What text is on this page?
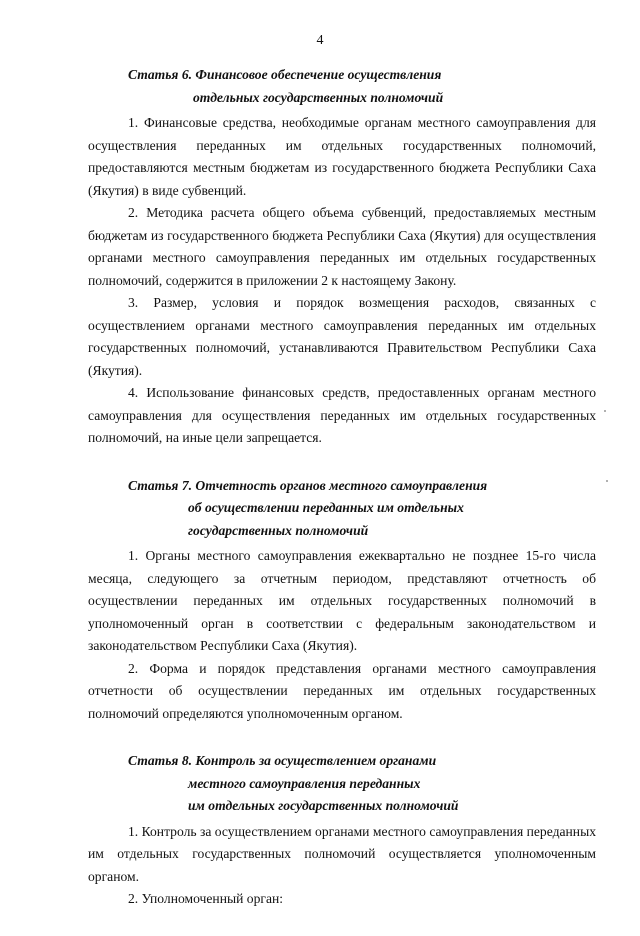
4
Статья 6. Финансовое обеспечение осуществления
отдельных государственных полномочий

1. Финансовые средства, необходимые органам местного самоуправления для осуществления переданных им отдельных государственных полномочий, предоставляются местным бюджетам из государственного бюджета Республики Саха (Якутия) в виде субвенций.

2. Методика расчета общего объема субвенций, предоставляемых местным бюджетам из государственного бюджета Республики Саха (Якутия) для осуществления органами местного самоуправления переданных им отдельных государственных полномочий, содержится в приложении 2 к настоящему Закону.

3. Размер, условия и порядок возмещения расходов, связанных с осуществлением органами местного самоуправления переданных им отдельных государственных полномочий, устанавливаются Правительством Республики Саха (Якутия).

4. Использование финансовых средств, предоставленных органам местного самоуправления для осуществления переданных им отдельных государственных полномочий, на иные цели запрещается.

Статья 7. Отчетность органов местного самоуправления
об осуществлении переданных им отдельных
государственных полномочий

1. Органы местного самоуправления ежеквартально не позднее 15-го числа месяца, следующего за отчетным периодом, представляют отчетность об осуществлении переданных им отдельных государственных полномочий в уполномоченный орган в соответствии с федеральным законодательством и законодательством Республики Саха (Якутия).

2. Форма и порядок представления органами местного самоуправления отчетности об осуществлении переданных им отдельных государственных полномочий определяются уполномоченным органом.

Статья 8. Контроль за осуществлением органами
местного самоуправления переданных
им отдельных государственных полномочий

1. Контроль за осуществлением органами местного самоуправления переданных им отдельных государственных полномочий осуществляется уполномоченным органом.

2. Уполномоченный орган:
